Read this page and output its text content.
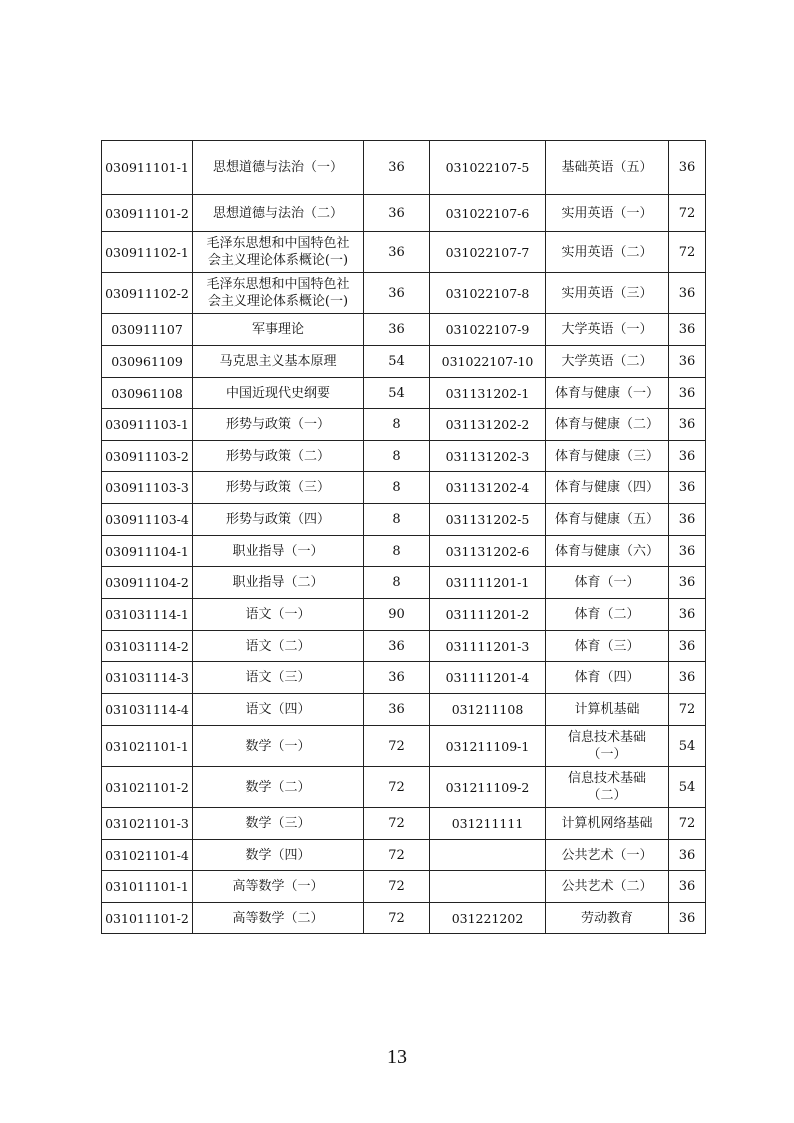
030911101-1	思想道德与法治（一）	36	031022107-5	基础英语（五）	36
030911101-2	思想道德与法治（二）	36	031022107-6	实用英语（一）	72
030911102-1	毛泽东思想和中国特色社
会主义理论体系概论(一)	36	031022107-7	实用英语（二）	72
030911102-2	毛泽东思想和中国特色社
会主义理论体系概论(一)	36	031022107-8	实用英语（三）	36
030911107	军事理论	36	031022107-9	大学英语（一）	36
030961109	马克思主义基本原理	54	031022107-10	大学英语（二）	36
030961108	中国近现代史纲要	54	031131202-1	体育与健康（一）	36
030911103-1	形势与政策（一）	8	031131202-2	体育与健康（二）	36
030911103-2	形势与政策（二）	8	031131202-3	体育与健康（三）	36
030911103-3	形势与政策（三）	8	031131202-4	体育与健康（四）	36
030911103-4	形势与政策（四）	8	031131202-5	体育与健康（五）	36
030911104-1	职业指导（一）	8	031131202-6	体育与健康（六）	36
030911104-2	职业指导（二）	8	031111201-1	体育（一）	36
031031114-1	语文（一）	90	031111201-2	体育（二）	36
031031114-2	语文（二）	36	031111201-3	体育（三）	36
031031114-3	语文（三）	36	031111201-4	体育（四）	36
031031114-4	语文（四）	36	031211108	计算机基础	72
031021101-1	数学（一）	72	031211109-1	信息技术基础
（一）	54
031021101-2	数学（二）	72	031211109-2	信息技术基础
（二）	54
031021101-3	数学（三）	72	031211111	计算机网络基础	72
031021101-4	数学（四）	72		公共艺术（一）	36
031011101-1	高等数学（一）	72		公共艺术（二）	36
031011101-2	高等数学（二）	72	031221202	劳动教育	36
13
